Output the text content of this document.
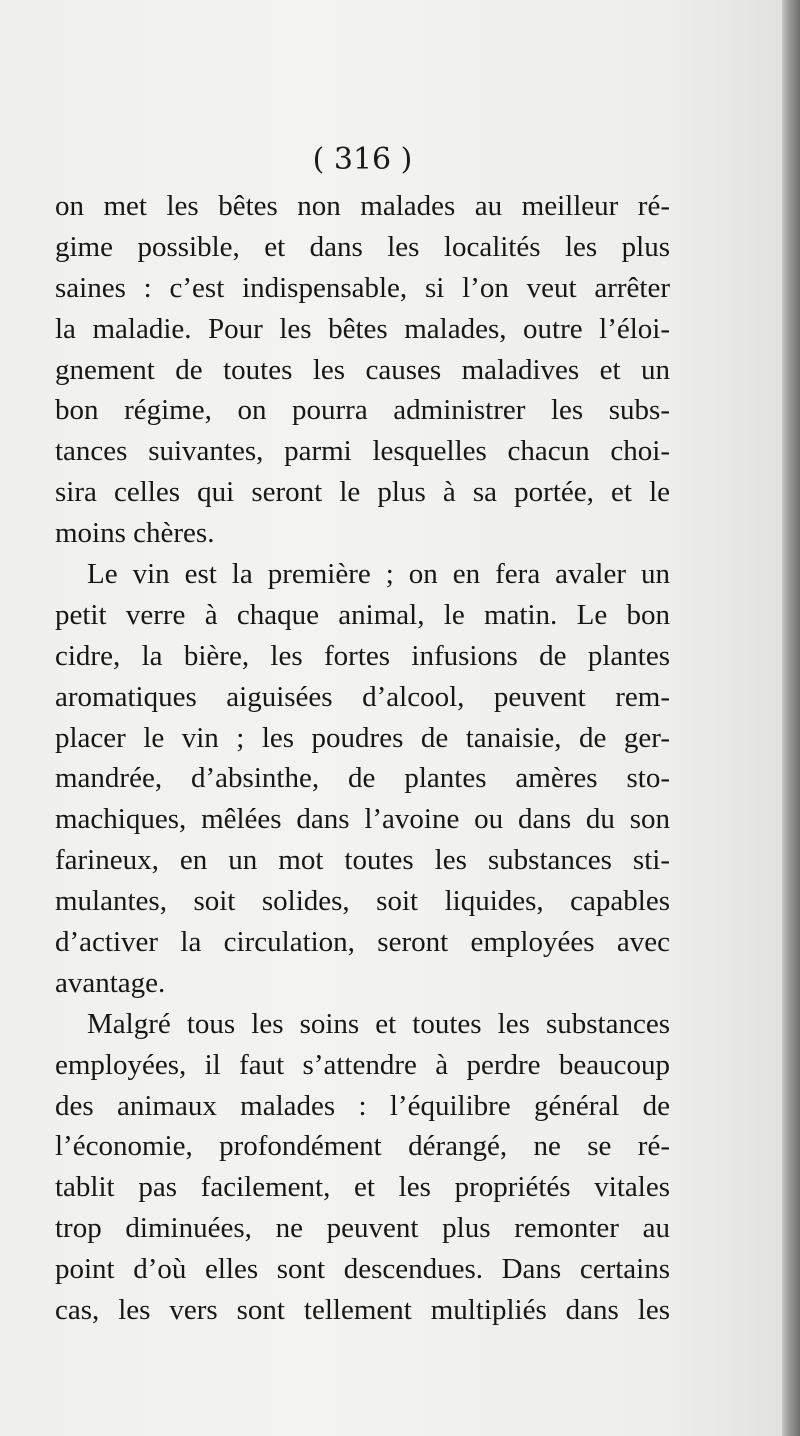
( 316 )
on met les bêtes non malades au meilleur ré-
gime possible, et dans les localités les plus
saines : c’est indispensable, si l’on veut arrêter
la maladie. Pour les bêtes malades, outre l’éloi-
gnement de toutes les causes maladives et un
bon régime, on pourra administrer les subs-
tances suivantes, parmi lesquelles chacun choi-
sira celles qui seront le plus à sa portée, et le
moins chères.
Le vin est la première ; on en fera avaler un
petit verre à chaque animal, le matin. Le bon
cidre, la bière, les fortes infusions de plantes
aromatiques aiguisées d’alcool, peuvent rem-
placer le vin ; les poudres de tanaisie, de ger-
mandrée, d’absinthe, de plantes amères sto-
machiques, mêlées dans l’avoine ou dans du son
farineux, en un mot toutes les substances sti-
mulantes, soit solides, soit liquides, capables
d’activer la circulation, seront employées avec
avantage.
Malgré tous les soins et toutes les substances
employées, il faut s’attendre à perdre beaucoup
des animaux malades : l’équilibre général de
l’économie, profondément dérangé, ne se ré-
tablit pas facilement, et les propriétés vitales
trop diminuées, ne peuvent plus remonter au
point d’où elles sont descendues. Dans certains
cas, les vers sont tellement multipliés dans les
